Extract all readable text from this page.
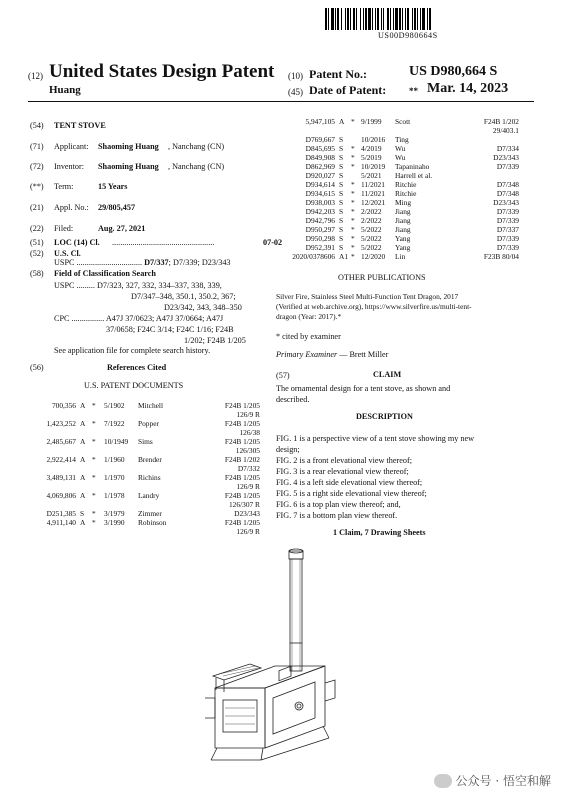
US00D980664S
(12) United States Design Patent
Huang
(10) Patent No.:	US D980,664 S
(45) Date of Patent:	** Mar. 14, 2023
(54) TENT STOVE
(71) Applicant: Shaoming Huang , Nanchang (CN)
(72) Inventor: Shaoming Huang , Nanchang (CN)
(**) Term:	15 Years
(21) Appl. No.: 29/805,457
(22) Filed:	Aug. 27, 2021
(51) LOC (14) Cl.	07-02
(52) U.S. Cl.
..................................................
USPC ................................ D7/337; D7/339; D23/343
(58) Field of Classification Search
USPC ......... D7/323, 327, 332, 334–337, 338, 339,
D7/347–348, 350.1, 350.2, 367;
D23/342, 343, 348–350
CPC ................ A47J 37/0623; A47J 37/0664; A47J
37/0658; F24C 3/14; F24C 1/16; F24B
1/202; F24B 1/205
See application file for complete search history.
(56)	References Cited
U.S. PATENT DOCUMENTS
700,356	A	*	5/1902	Mitchell	F24B 1/205
126/9 R

1,423,252	A	*	7/1922	Popper	F24B 1/205
126/38

2,485,667	A	*	10/1949	Sims	F24B 1/205
126/305

2,922,414	A	*	1/1960	Brender	F24B 1/202
D7/332

3,489,131	A	*	1/1970	Richins	F24B 1/205
126/9 R

4,069,806	A	*	1/1978	Landry	F24B 1/205
126/307 R

D251,385	S	*	3/1979	Zimmer	D23/343

4,911,140	A	*	3/1990	Robinson	F24B 1/205
126/9 R
5,947,105	A	*	9/1999	Scott	F24B 1/202
29/403.1

D769,667	S		10/2016	Ting	

D845,695	S	*	4/2019	Wu	D7/334

D849,908	S	*	5/2019	Wu	D23/343

D862,969	S	*	10/2019	Tapaninaho	D7/339

D920,027	S		5/2021	Harrell et al.	

D934,614	S	*	11/2021	Ritchie	D7/348

D934,615	S	*	11/2021	Ritchie	D7/348

D938,003	S	*	12/2021	Ming	D23/343

D942,203	S	*	2/2022	Jiang	D7/339

D942,796	S	*	2/2022	Jiang	D7/339

D950,297	S	*	5/2022	Jiang	D7/337

D950,298	S	*	5/2022	Yang	D7/339

D952,391	S	*	5/2022	Yang	D7/339

2020/0378606	A1	*	12/2020	Lin	F23B 80/04
OTHER PUBLICATIONS
Silver Fire, Stainless Steel Multi-Function Tent Dragon, 2017
(Verified at web.archive.org), https://www.silverfire.us/multi-tent-
dragon (Year: 2017).*
* cited by examiner
Primary Examiner — Brett Miller
(57)	CLAIM
The ornamental design for a tent stove, as shown and
described.
DESCRIPTION
FIG. 1 is a perspective view of a tent stove showing my new
design;
FIG. 2 is a front elevational view thereof;
FIG. 3 is a rear elevational view thereof;
FIG. 4 is a left side elevational view thereof;
FIG. 5 is a right side elevational view thereof;
FIG. 6 is a top plan view thereof; and,
FIG. 7 is a bottom plan view thereof.
1 Claim, 7 Drawing Sheets
公众号 · 悟空和解
